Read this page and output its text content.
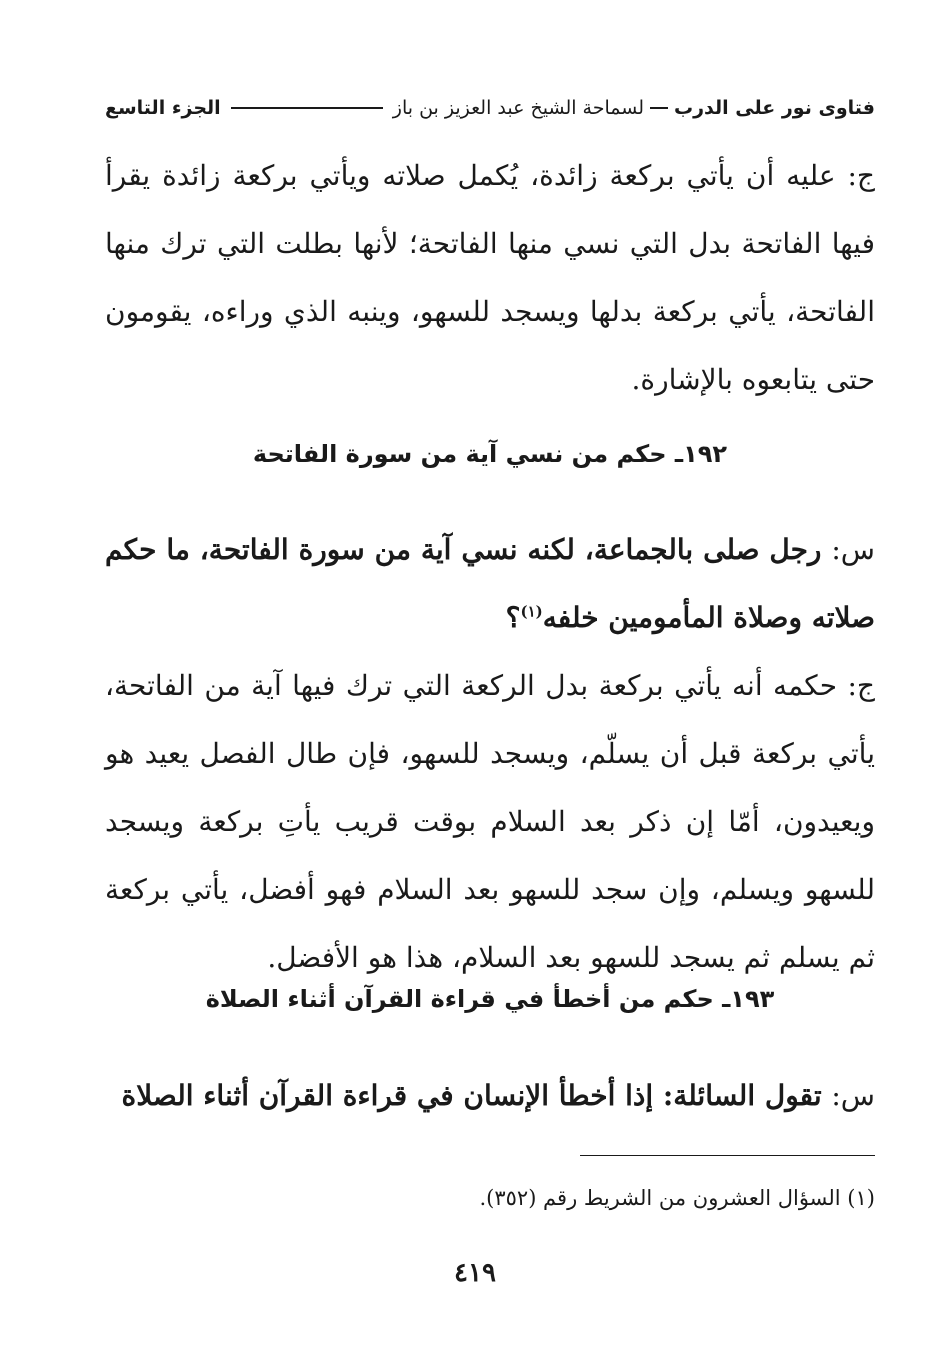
فتاوى نور على الدرب
لسماحة الشيخ عبد العزيز بن باز
الجزء التاسع

ج: عليه أن يأتي بركعة زائدة، يُكمل صلاته ويأتي بركعة زائدة يقرأ فيها الفاتحة بدل التي نسي منها الفاتحة؛ لأنها بطلت التي ترك منها الفاتحة، يأتي بركعة بدلها ويسجد للسهو، وينبه الذي وراءه، يقومون حتى يتابعوه بالإشارة.

١٩٢ـ حكم من نسي آية من سورة الفاتحة

س: رجل صلى بالجماعة، لكنه نسي آية من سورة الفاتحة، ما حكم صلاته وصلاة المأمومين خلفه$^{(١)}$؟

ج: حكمه أنه يأتي بركعة بدل الركعة التي ترك فيها آية من الفاتحة، يأتي بركعة قبل أن يسلّم، ويسجد للسهو، فإن طال الفصل يعيد هو ويعيدون، أمّا إن ذكر بعد السلام بوقت قريب يأتِ بركعة ويسجد للسهو ويسلم، وإن سجد للسهو بعد السلام فهو أفضل، يأتي بركعة ثم يسلم ثم يسجد للسهو بعد السلام، هذا هو الأفضل.

١٩٣ـ حكم من أخطأ في قراءة القرآن أثناء الصلاة

س: تقول السائلة: إذا أخطأ الإنسان في قراءة القرآن أثناء الصلاة

(١) السؤال العشرون من الشريط رقم (٣٥٢).
٤١٩
